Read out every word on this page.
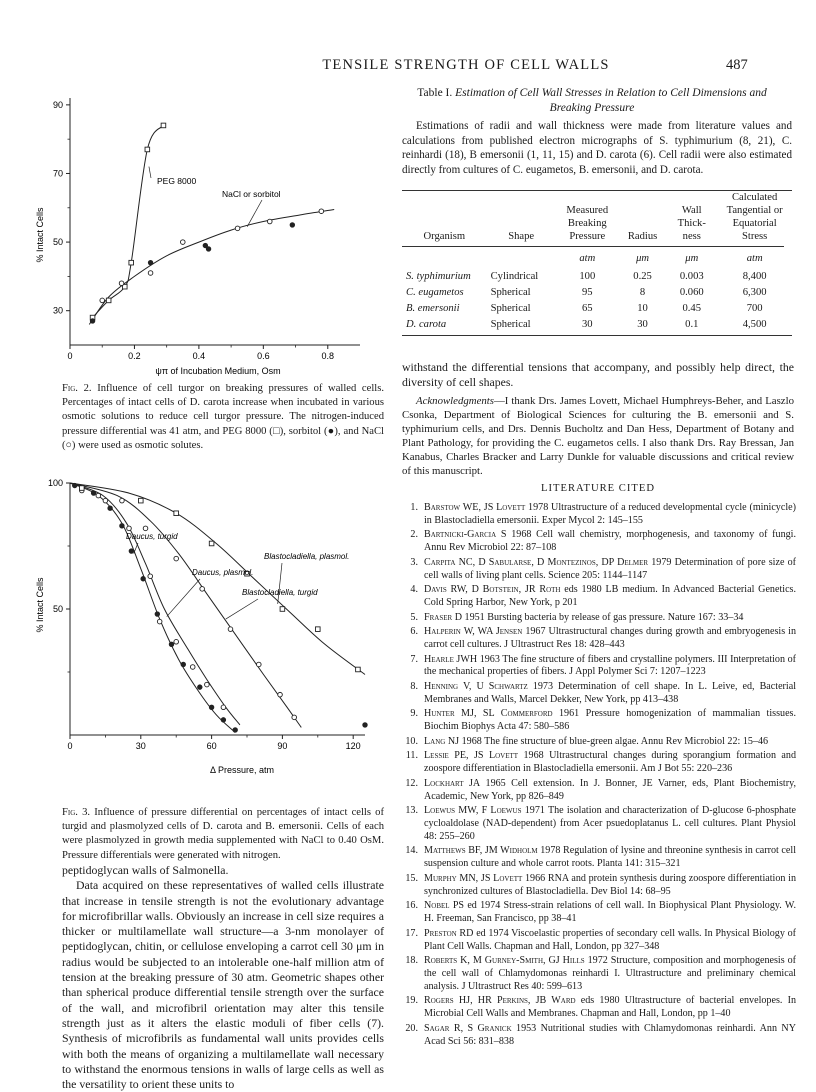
TENSILE STRENGTH OF CELL WALLS	487
0	0.2	0.4	0.6	0.8
30
50
70
90
PEG 8000
NaCl or sorbitol
ψπ of Incubation Medium, Osm
% Intact Cells
Fig. 2. Influence of cell turgor on breaking pressures of walled cells. Percentages of intact cells of D. carota increase when incubated in various osmotic solutions to reduce cell turgor pressure. The nitrogen-induced pressure differential was 41 atm, and PEG 8000 (□), sorbitol (●), and NaCl (○) were used as osmotic solutes.
0	30	60	90	120
50
100
Daucus, turgid
Daucus, plasmol.
Blastocladiella, turgid
Blastocladiella, plasmol.
Δ Pressure, atm
% Intact Cells
Fig. 3. Influence of pressure differential on percentages of intact cells of turgid and plasmolyzed cells of D. carota and B. emersonii. Cells of each were plasmolyzed in growth media supplemented with NaCl to 0.40 OsM. Pressure differentials were generated with nitrogen.

peptidoglycan walls of Salmonella.

Data acquired on these representatives of walled cells illustrate that increase in tensile strength is not the evolutionary advantage for microfibrillar walls. Obviously an increase in cell size requires a thicker or multilamellate wall structure—a 3-nm monolayer of peptidoglycan, chitin, or cellulose enveloping a carrot cell 30 μm in radius would be subjected to an intolerable one-half million atm of tension at the breaking pressure of 30 atm. Geometric shapes other than spherical produce differential tensile strength over the surface of the wall, and microfibril orientation may alter this tensile strength just as it alters the elastic moduli of fiber cells (7). Synthesis of microfibrils as fundamental wall units provides cells with both the means of organizing a multilamellate wall necessary to withstand the enormous tensions in walls of large cells as well as the versatility to orient these units to

Table I. Estimation of Cell Wall Stresses in Relation to Cell Dimensions and Breaking Pressure
Estimations of radii and wall thickness were made from literature values and calculations from published electron micrographs of S. typhimurium (8, 21), C. reinhardi (18), B emersonii (1, 11, 15) and D. carota (6). Cell radii were also estimated directly from cultures of C. eugametos, B. emersonii, and D. carota.
Organism	Shape	Measured Breaking Pressure	Radius	Wall Thick-ness	Calculated Tangential or Equatorial Stress

		atm	μm	μm	atm
S. typhimurium	Cylindrical	100	0.25	0.003	8,400
C. eugametos	Spherical	95	8	0.060	6,300
B. emersonii	Spherical	65	10	0.45	700
D. carota	Spherical	30	30	0.1	4,500

withstand the differential tensions that accompany, and possibly help direct, the diversity of cell shapes.

Acknowledgments—I thank Drs. James Lovett, Michael Humphreys-Beher, and Laszlo Csonka, Department of Biological Sciences for culturing the B. emersonii and S. typhimurium cells, and Drs. Dennis Bucholtz and Dan Hess, Department of Botany and Plant Pathology, for providing the C. eugametos cells. I also thank Drs. Ray Bressan, Jan Kanabus, Charles Bracker and Larry Dunkle for valuable discussions and critical review of this manuscript.
LITERATURE CITED
1. Barstow WE, JS Lovett 1978 Ultrastructure of a reduced developmental cycle (minicycle) in Blastocladiella emersonii. Exper Mycol 2: 145–155
2. Bartnicki-Garcia S 1968 Cell wall chemistry, morphogenesis, and taxonomy of fungi. Annu Rev Microbiol 22: 87–108
3. Carpita NC, D Sabularse, D Montezinos, DP Delmer 1979 Determination of pore size of cell walls of living plant cells. Science 205: 1144–1147
4. Davis RW, D Botstein, JR Roth eds 1980 LB medium. In Advanced Bacterial Genetics. Cold Spring Harbor, New York, p 201
5. Fraser D 1951 Bursting bacteria by release of gas pressure. Nature 167: 33–34
6. Halperin W, WA Jensen 1967 Ultrastructural changes during growth and embryogenesis in carrot cell cultures. J Ultrastruct Res 18: 428–443
7. Hearle JWH 1963 The fine structure of fibers and crystalline polymers. III Interpretation of the mechanical properties of fibers. J Appl Polymer Sci 7: 1207–1223
8. Henning V, U Schwartz 1973 Determination of cell shape. In L. Leive, ed, Bacterial Membranes and Walls, Marcel Dekker, New York, pp 413–438
9. Hunter MJ, SL Commerford 1961 Pressure homogenization of mammalian tissues. Biochim Biophys Acta 47: 580–586
10. Lang NJ 1968 The fine structure of blue-green algae. Annu Rev Microbiol 22: 15–46
11. Lessie PE, JS Lovett 1968 Ultrastructural changes during sporangium formation and zoospore differentiation in Blastocladiella emersonii. Am J Bot 55: 220–236
12. Lockhart JA 1965 Cell extension. In J. Bonner, JE Varner, eds, Plant Biochemistry, Academic, New York, pp 826–849
13. Loewus MW, F Loewus 1971 The isolation and characterization of D-glucose 6-phosphate cycloaldolase (NAD-dependent) from Acer psuedoplatanus L. cell cultures. Plant Physiol 48: 255–260
14. Matthews BF, JM Widholm 1978 Regulation of lysine and threonine synthesis in carrot cell suspension culture and whole carrot roots. Planta 141: 315–321
15. Murphy MN, JS Lovett 1966 RNA and protein synthesis during zoospore differentiation in synchronized cultures of Blastocladiella. Dev Biol 14: 68–95
16. Nobel PS ed 1974 Stress-strain relations of cell wall. In Biophysical Plant Physiology. W. H. Freeman, San Francisco, pp 38–41
17. Preston RD ed 1974 Viscoelastic properties of secondary cell walls. In Physical Biology of Plant Cell Walls. Chapman and Hall, London, pp 327–348
18. Roberts K, M Gurney-Smith, GJ Hills 1972 Structure, composition and morphogenesis of the cell wall of Chlamydomonas reinhardi I. Ultrastructure and preliminary chemical analysis. J Ultrastruct Res 40: 599–613
19. Rogers HJ, HR Perkins, JB Ward eds 1980 Ultrastructure of bacterial envelopes. In Microbial Cell Walls and Membranes. Chapman and Hall, London, pp 1–40
20. Sagar R, S Granick 1953 Nutritional studies with Chlamydomonas reinhardi. Ann NY Acad Sci 56: 831–838
